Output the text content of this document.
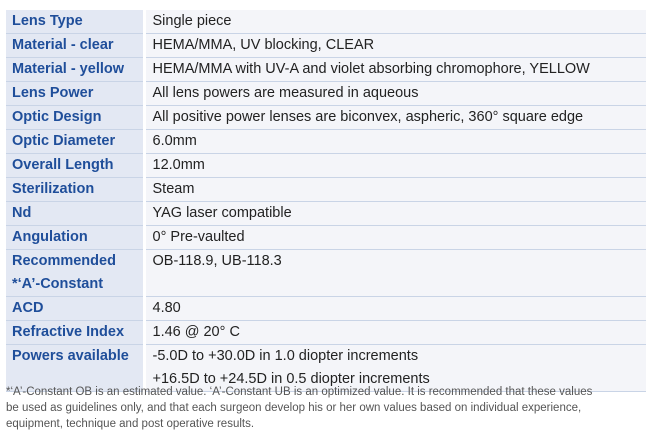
Lens Type	Single piece

Material - clear	HEMA/MMA, UV blocking, CLEAR

Material - yellow	HEMA/MMA with UV-A and violet absorbing chromophore, YELLOW

Lens Power	All lens powers are measured in aqueous

Optic Design	All positive power lenses are biconvex, aspheric, 360° square edge

Optic Diameter	6.0mm

Overall Length	12.0mm

Sterilization	Steam

Nd	YAG laser compatible

Angulation	0° Pre-vaulted

Recommended
*‘A’-Constant	OB-118.9, UB-118.3

ACD	4.80

Refractive Index	1.46 @ 20° C

Powers available	-5.0D to +30.0D in 1.0 diopter increments
+16.5D to +24.5D in 0.5 diopter increments
*‘A’-Constant OB is an estimated value. ‘A’-Constant UB is an optimized value. It is recommended that these values
be used as guidelines only, and that each surgeon develop his or her own values based on individual experience,
equipment, technique and post operative results.
